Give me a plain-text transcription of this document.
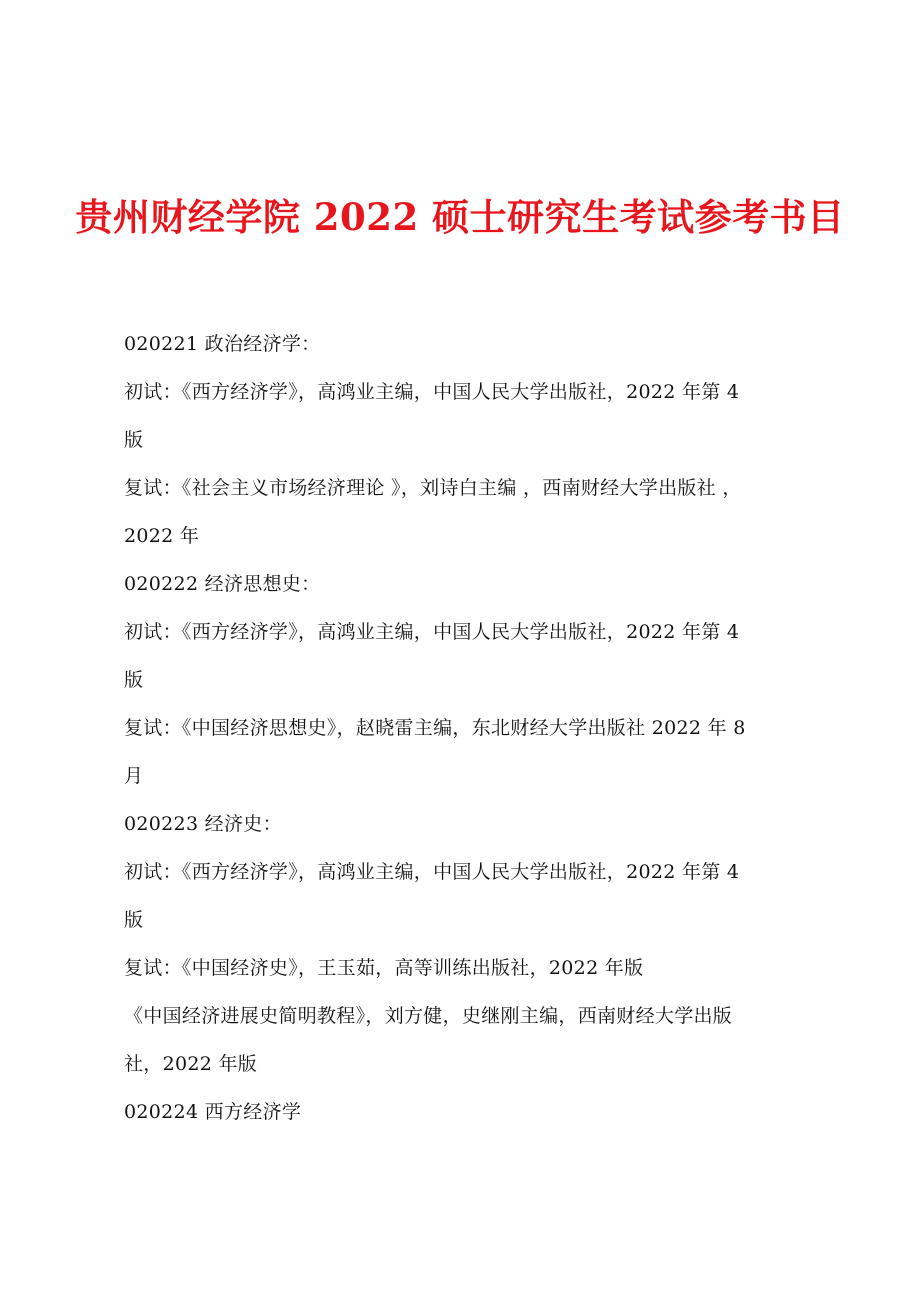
贵州财经学院 2022 硕士研究生考试参考书目
020221 政治经济学：
初试：《西方经济学》，高鸿业主编，中国人民大学出版社，2022 年第 4
版
复试：《社会主义市场经济理论 》，刘诗白主编 ，西南财经大学出版社 ，
2022 年
020222 经济思想史：
初试：《西方经济学》，高鸿业主编，中国人民大学出版社，2022 年第 4
版
复试：《中国经济思想史》，赵晓雷主编，东北财经大学出版社 2022 年 8
月
020223 经济史：
初试：《西方经济学》，高鸿业主编，中国人民大学出版社，2022 年第 4
版
复试：《中国经济史》，王玉茹，高等训练出版社，2022 年版
《中国经济进展史简明教程》，刘方健，史继刚主编，西南财经大学出版
社，2022 年版
020224 西方经济学
